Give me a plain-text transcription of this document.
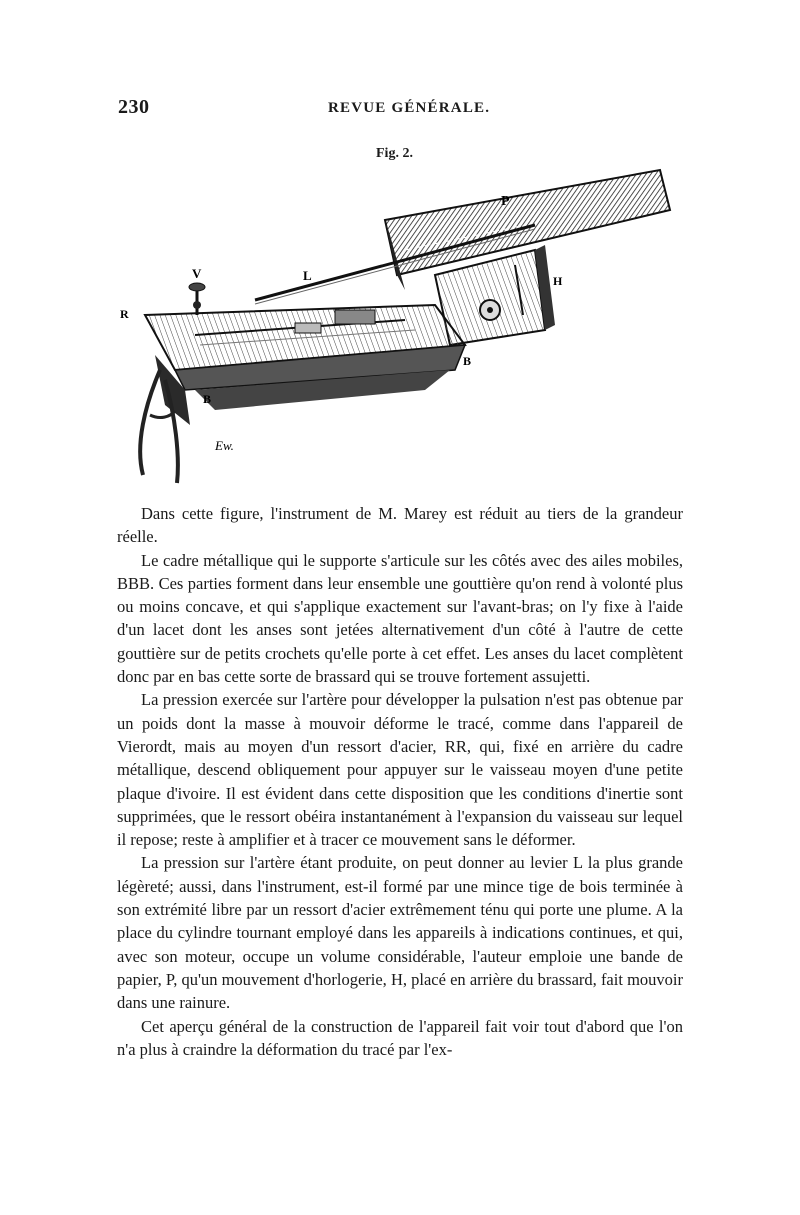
230	REVUE GÉNÉRALE.
Fig. 2.
P
V	L	H
R
B
B
Ew.

Dans cette figure, l'instrument de M. Marey est réduit au tiers de la grandeur réelle.

Le cadre métallique qui le supporte s'articule sur les côtés avec des ailes mobiles, BBB. Ces parties forment dans leur ensemble une gouttière qu'on rend à volonté plus ou moins concave, et qui s'applique exactement sur l'avant-bras; on l'y fixe à l'aide d'un lacet dont les anses sont jetées alternativement d'un côté à l'autre de cette gouttière sur de petits crochets qu'elle porte à cet effet. Les anses du lacet complètent donc par en bas cette sorte de brassard qui se trouve fortement assujetti.

La pression exercée sur l'artère pour développer la pulsation n'est pas obtenue par un poids dont la masse à mouvoir déforme le tracé, comme dans l'appareil de Vierordt, mais au moyen d'un ressort d'acier, RR, qui, fixé en arrière du cadre métallique, descend obliquement pour appuyer sur le vaisseau moyen d'une petite plaque d'ivoire. Il est évident dans cette disposition que les conditions d'inertie sont supprimées, que le ressort obéira instantanément à l'expansion du vaisseau sur lequel il repose; reste à amplifier et à tracer ce mouvement sans le déformer.

La pression sur l'artère étant produite, on peut donner au levier L la plus grande légèreté; aussi, dans l'instrument, est-il formé par une mince tige de bois terminée à son extrémité libre par un ressort d'acier extrêmement ténu qui porte une plume. A la place du cylindre tournant employé dans les appareils à indications continues, et qui, avec son moteur, occupe un volume considérable, l'auteur emploie une bande de papier, P, qu'un mouvement d'horlogerie, H, placé en arrière du brassard, fait mouvoir dans une rainure.

Cet aperçu général de la construction de l'appareil fait voir tout d'abord que l'on n'a plus à craindre la déformation du tracé par l'ex-
